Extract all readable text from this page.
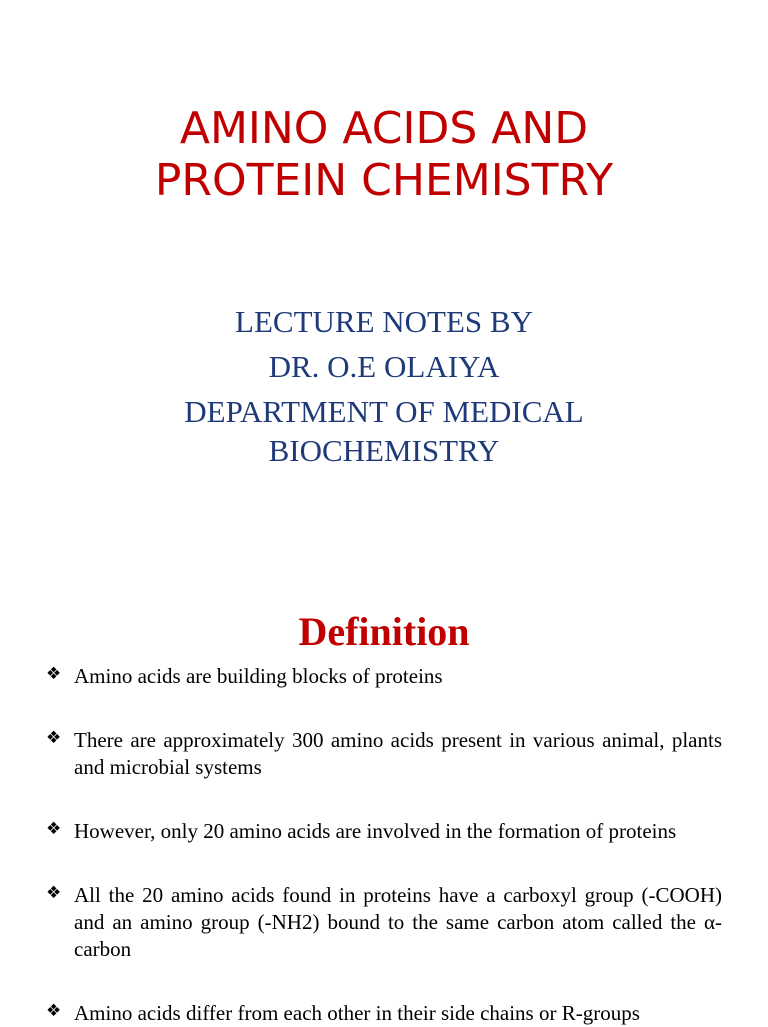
AMINO ACIDS AND
PROTEIN CHEMISTRY
LECTURE NOTES BY
DR. O.E OLAIYA
DEPARTMENT OF MEDICAL
BIOCHEMISTRY
Definition
❖ Amino acids are building blocks of proteins
❖ There are approximately 300 amino acids present in various animal, plants and microbial systems
❖ However, only 20 amino acids are involved in the formation of proteins
❖ All the 20 amino acids found in proteins have a carboxyl group (-COOH) and an amino group (-NH2) bound to the same carbon atom called the α-carbon
❖ Amino acids differ from each other in their side chains or R-groups
